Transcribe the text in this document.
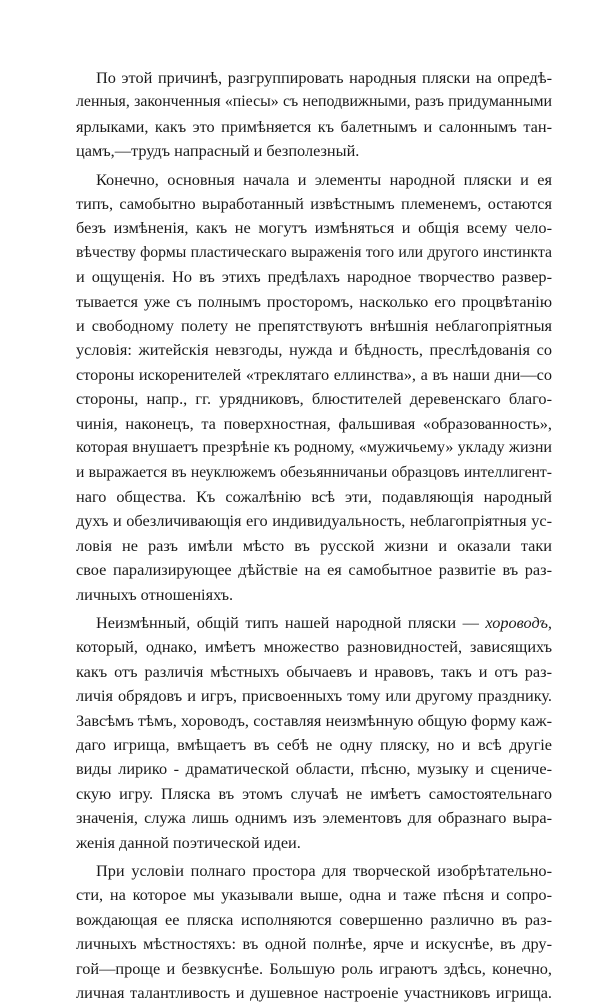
По этой причинѣ, разгруппировать народныя пляски на опредѣ-
ленныя, законченныя «піесы» съ неподвижными, разъ придуманными
ярлыками, какъ это примѣняется къ балетнымъ и салоннымъ тан-
цамъ,—трудъ напрасный и безполезный.

Конечно, основныя начала и элементы народной пляски и ея
типъ, самобытно выработанный извѣстнымъ племенемъ, остаются
безъ измѣненія, какъ не могутъ измѣняться и общія всему чело-
вѣчеству формы пластическаго выраженія того или другого инстинкта
и ощущенія. Но въ этихъ предѣлахъ народное творчество развер-
тывается уже съ полнымъ просторомъ, насколько его процвѣтанію
и свободному полету не препятствуютъ внѣшнія неблагопріятныя
условія: житейскія невзгоды, нужда и бѣдность, преслѣдованія со
стороны искоренителей «треклятаго еллинства», а въ наши дни—со
стороны, напр., гг. урядниковъ, блюстителей деревенскаго благо-
чинія, наконецъ, та поверхностная, фальшивая «образованность»,
которая внушаетъ презрѣніе къ родному, «мужичьему» укладу жизни
и выражается въ неуклюжемъ обезьянничаньи образцовъ интеллигент-
наго общества. Къ сожалѣнію всѣ эти, подавляющія народный
духъ и обезличивающія его индивидуальность, неблагопріятныя ус-
ловія не разъ имѣли мѣсто въ русской жизни и оказали таки
свое парализирующее дѣйствіе на ея самобытное развитіе въ раз-
личныхъ отношеніяхъ.

Неизмѣнный, общій типъ нашей народной пляски — хороводъ,
который, однако, имѣетъ множество разновидностей, зависящихъ
какъ отъ различія мѣстныхъ обычаевъ и нравовъ, такъ и отъ раз-
личія обрядовъ и игръ, присвоенныхъ тому или другому празднику.
Завсѣмъ тѣмъ, хороводъ, составляя неизмѣнную общую форму каж-
даго игрища, вмѣщаетъ въ себѣ не одну пляску, но и всѣ другіе
виды лирико - драматической области, пѣсню, музыку и сцениче-
скую игру. Пляска въ этомъ случаѣ не имѣетъ самостоятельнаго
значенія, служа лишь однимъ изъ элементовъ для образнаго выра-
женія данной поэтической идеи.

При условіи полнаго простора для творческой изобрѣтательно-
сти, на которое мы указывали выше, одна и таже пѣсня и сопро-
вождающая ее пляска исполняются совершенно различно въ раз-
личныхъ мѣстностяхъ: въ одной полнѣе, ярче и искуснѣе, въ дру-
гой—проще и безвкуснѣе. Большую роль играютъ здѣсь, конечно,
личная талантливость и душевное настроеніе участниковъ игрища.
